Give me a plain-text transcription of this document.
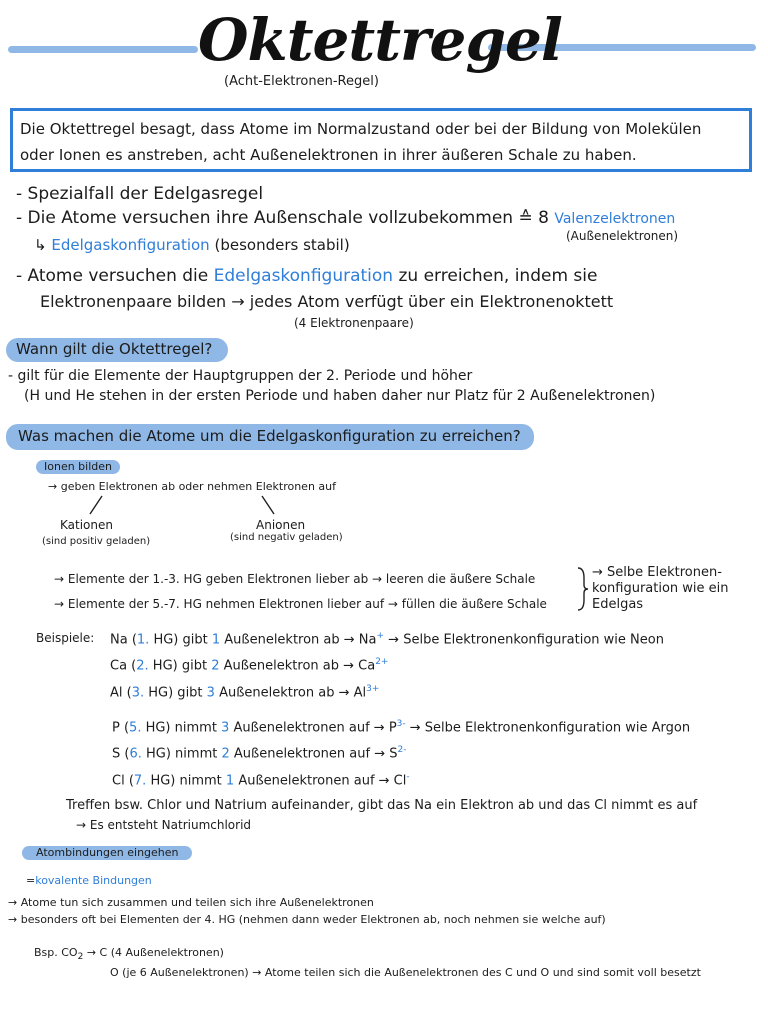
Oktettregel
(Acht-Elektronen-Regel)
Die Oktettregel besagt, dass Atome im Normalzustand oder bei der Bildung von Molekülen
oder Ionen es anstreben, acht Außenelektronen in ihrer äußeren Schale zu haben.
- Spezialfall der Edelgasregel
- Die Atome versuchen ihre Außenschale vollzubekommen ≙ 8 Valenzelektronen
(Außenelektronen)
↳ Edelgaskonfiguration (besonders stabil)
- Atome versuchen die Edelgaskonfiguration zu erreichen, indem sie
Elektronenpaare bilden → jedes Atom verfügt über ein Elektronenoktett
(4 Elektronenpaare)
Wann gilt die Oktettregel?
- gilt für die Elemente der Hauptgruppen der 2. Periode und höher
(H und He stehen in der ersten Periode und haben daher nur Platz für 2 Außenelektronen)
Was machen die Atome um die Edelgaskonfiguration zu erreichen?
Ionen bilden
→ geben Elektronen ab oder nehmen Elektronen auf
Kationen
(sind positiv geladen)
Anionen
(sind negativ geladen)
→ Elemente der 1.-3. HG geben Elektronen lieber ab → leeren die äußere Schale
→ Elemente der 5.-7. HG nehmen Elektronen lieber auf → füllen die äußere Schale
→ Selbe Elektronen-
konfiguration wie ein
Edelgas
Beispiele: Na (1. HG) gibt 1 Außenelektron ab → Na+ → Selbe Elektronenkonfiguration wie Neon
Ca (2. HG) gibt 2 Außenelektron ab → $Ca^{2+}$
Al (3. HG) gibt 3 Außenelektron ab → $Al^{3+}$
P (5. HG) nimmt 3 Außenelektronen auf → $P^{3-}$ → Selbe Elektronenkonfiguration wie Argon
S (6. HG) nimmt 2 Außenelektronen auf → $S^{2-}$
Cl (7. HG) nimmt 1 Außenelektronen auf → Cl-
Treffen bsw. Chlor und Natrium aufeinander, gibt das Na ein Elektron ab und das Cl nimmt es auf
→ Es entsteht Natriumchlorid
Atombindungen eingehen
=kovalente Bindungen
→ Atome tun sich zusammen und teilen sich ihre Außenelektronen
→ besonders oft bei Elementen der 4. HG (nehmen dann weder Elektronen ab, noch nehmen sie welche auf)
Bsp. $CO_2 \to C$ (4 Außenelektronen)
O (je 6 Außenelektronen) → Atome teilen sich die Außenelektronen des C und O und sind somit voll besetzt
